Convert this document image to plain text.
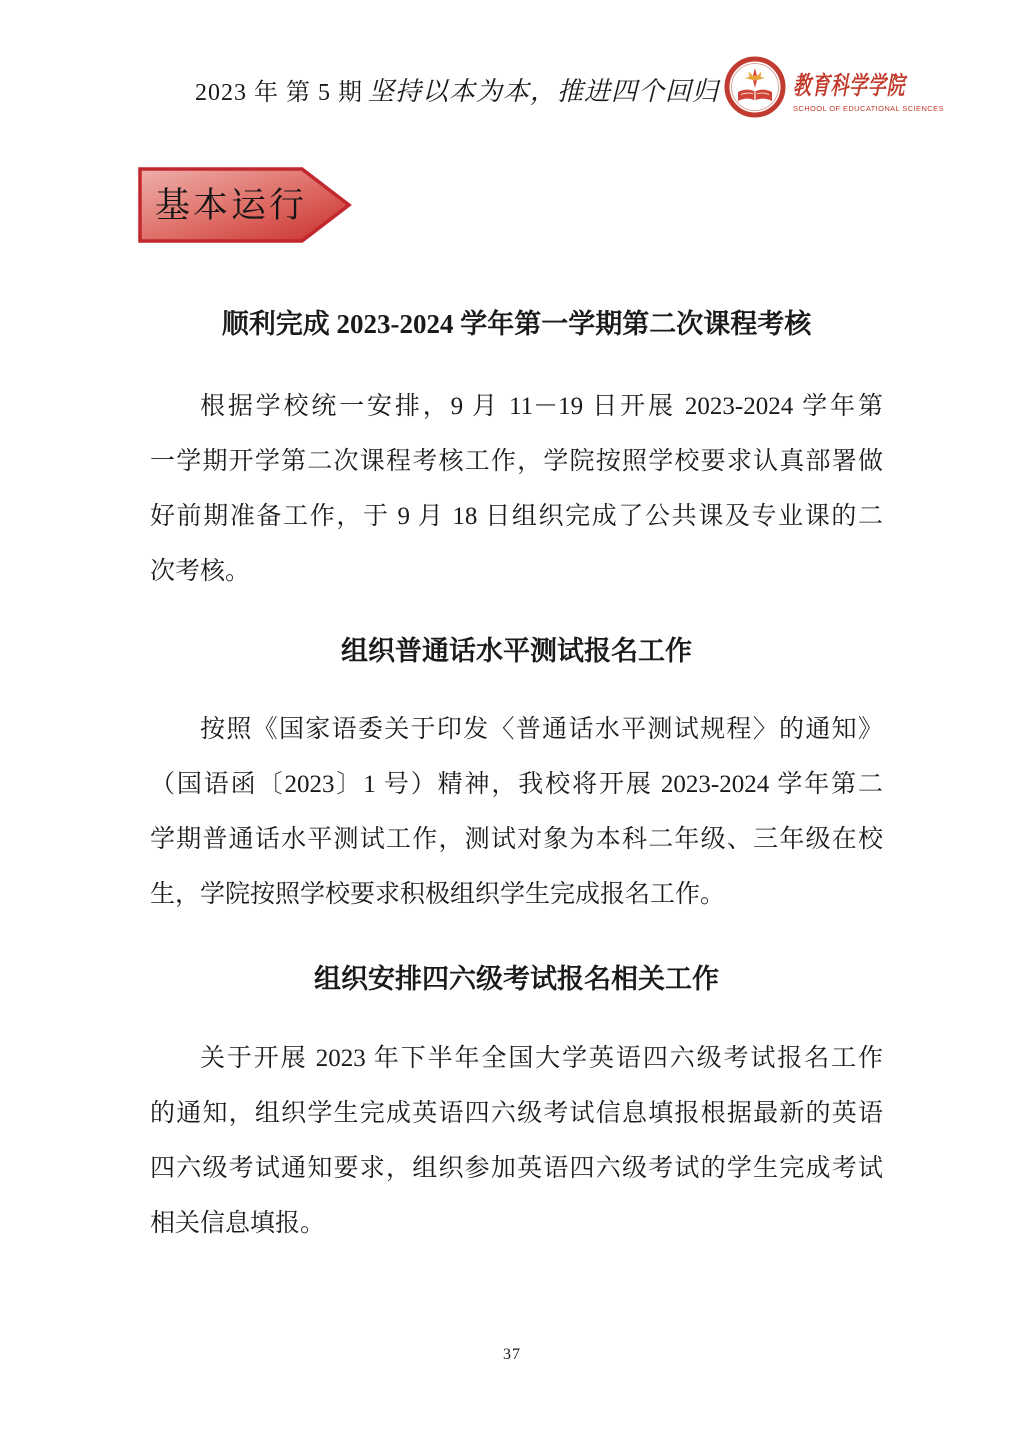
2023 年 第 5 期 坚持以本为本，推进四个回归	教育科学学院
SCHOOL OF EDUCATIONAL SCIENCES
基本运行
顺利完成 2023-2024 学年第一学期第二次课程考核

根据学校统一安排，9 月 11－19 日开展 2023-2024 学年第

一学期开学第二次课程考核工作，学院按照学校要求认真部署做

好前期准备工作，于 9 月 18 日组织完成了公共课及专业课的二

次考核。

组织普通话水平测试报名工作

按照《国家语委关于印发〈普通话水平测试规程〉的通知》

（国语函〔2023〕1 号）精神，我校将开展 2023-2024 学年第二

学期普通话水平测试工作，测试对象为本科二年级、三年级在校

生，学院按照学校要求积极组织学生完成报名工作。

组织安排四六级考试报名相关工作

关于开展 2023 年下半年全国大学英语四六级考试报名工作

的通知，组织学生完成英语四六级考试信息填报根据最新的英语

四六级考试通知要求，组织参加英语四六级考试的学生完成考试

相关信息填报。

37
